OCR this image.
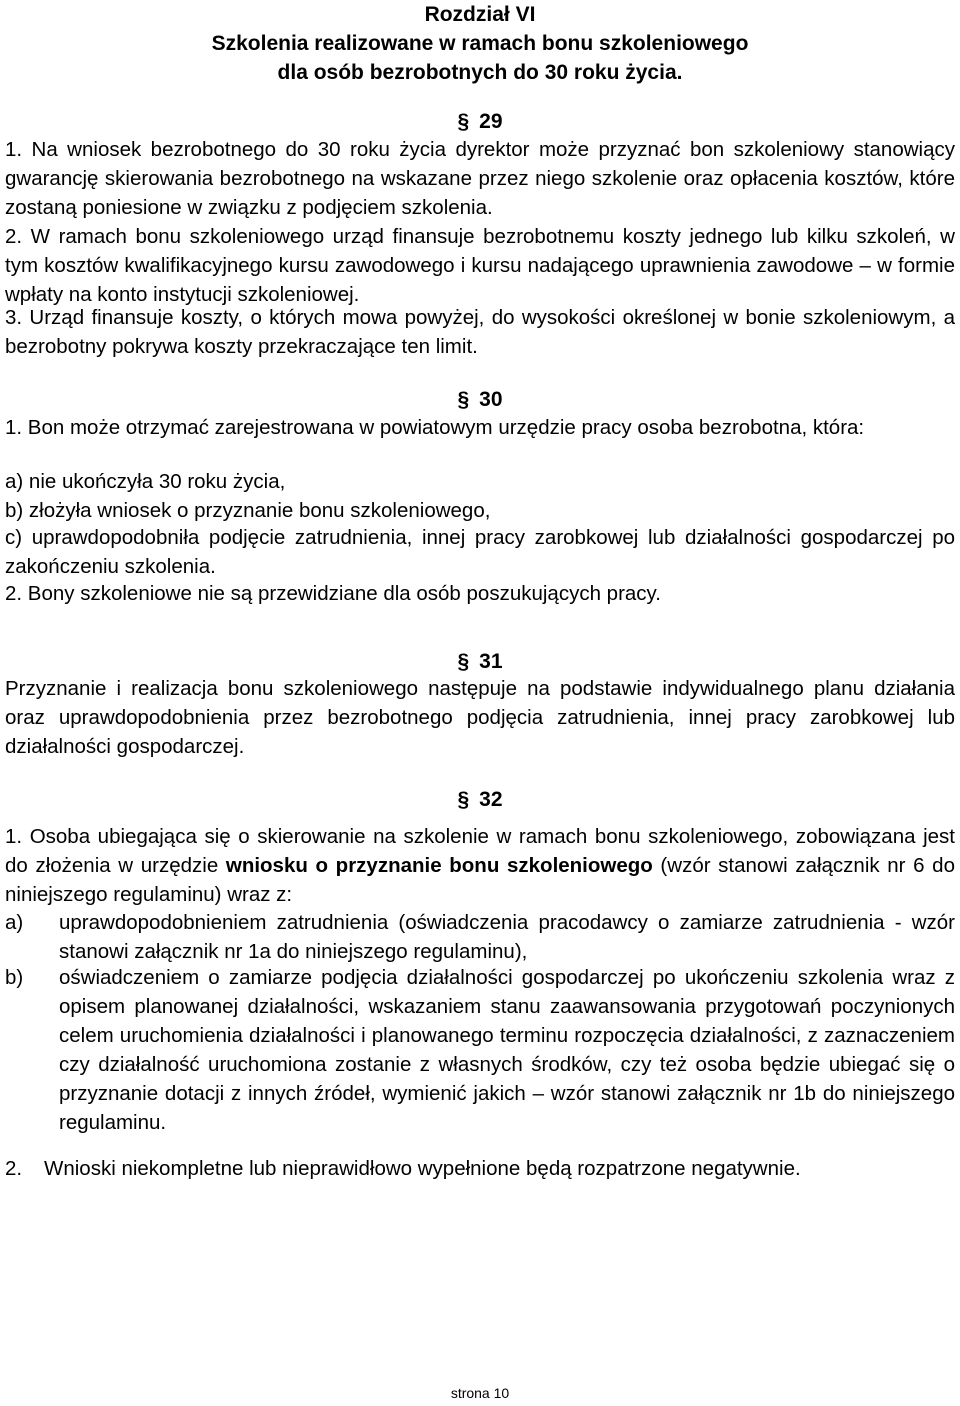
Rozdział VI
Szkolenia realizowane w ramach bonu szkoleniowego
dla osób bezrobotnych do 30 roku życia.
§ 29

1. Na wniosek bezrobotnego do 30 roku życia dyrektor może przyznać bon szkoleniowy stanowiący gwarancję skierowania bezrobotnego na wskazane przez niego szkolenie oraz opłacenia kosztów, które zostaną poniesione w związku z podjęciem szkolenia.

2. W ramach bonu szkoleniowego urząd finansuje bezrobotnemu koszty jednego lub kilku szkoleń, w tym kosztów kwalifikacyjnego kursu zawodowego i kursu nadającego uprawnienia zawodowe – w formie wpłaty na konto instytucji szkoleniowej.

3. Urząd finansuje koszty, o których mowa powyżej, do wysokości określonej w bonie szkoleniowym, a bezrobotny pokrywa koszty przekraczające ten limit.

§ 30

1. Bon może otrzymać zarejestrowana w powiatowym urzędzie pracy osoba bezrobotna, która:

a) nie ukończyła 30 roku życia,

b) złożyła wniosek o przyznanie bonu szkoleniowego,

c) uprawdopodobniła podjęcie zatrudnienia, innej pracy zarobkowej lub działalności gospodarczej po zakończeniu szkolenia.

2. Bony szkoleniowe nie są przewidziane dla osób poszukujących pracy.

§ 31

Przyznanie i realizacja bonu szkoleniowego następuje na podstawie indywidualnego planu działania oraz uprawdopodobnienia przez bezrobotnego podjęcia zatrudnienia, innej pracy zarobkowej lub działalności gospodarczej.

§ 32

1. Osoba ubiegająca się o skierowanie na szkolenie w ramach bonu szkoleniowego, zobowiązana jest do złożenia w urzędzie wniosku o przyznanie bonu szkoleniowego (wzór stanowi załącznik nr 6 do niniejszego regulaminu) wraz z:

a) uprawdopodobnieniem zatrudnienia (oświadczenia pracodawcy o zamiarze zatrudnienia - wzór stanowi załącznik nr 1a do niniejszego regulaminu),

b) oświadczeniem o zamiarze podjęcia działalności gospodarczej po ukończeniu szkolenia wraz z opisem planowanej działalności, wskazaniem stanu zaawansowania przygotowań poczynionych celem uruchomienia działalności i planowanego terminu rozpoczęcia działalności, z zaznaczeniem czy działalność uruchomiona zostanie z własnych środków, czy też osoba będzie ubiegać się o przyznanie dotacji z innych źródeł, wymienić jakich – wzór stanowi załącznik nr 1b do niniejszego regulaminu.

2. Wnioski niekompletne lub nieprawidłowo wypełnione będą rozpatrzone negatywnie.

strona 10
